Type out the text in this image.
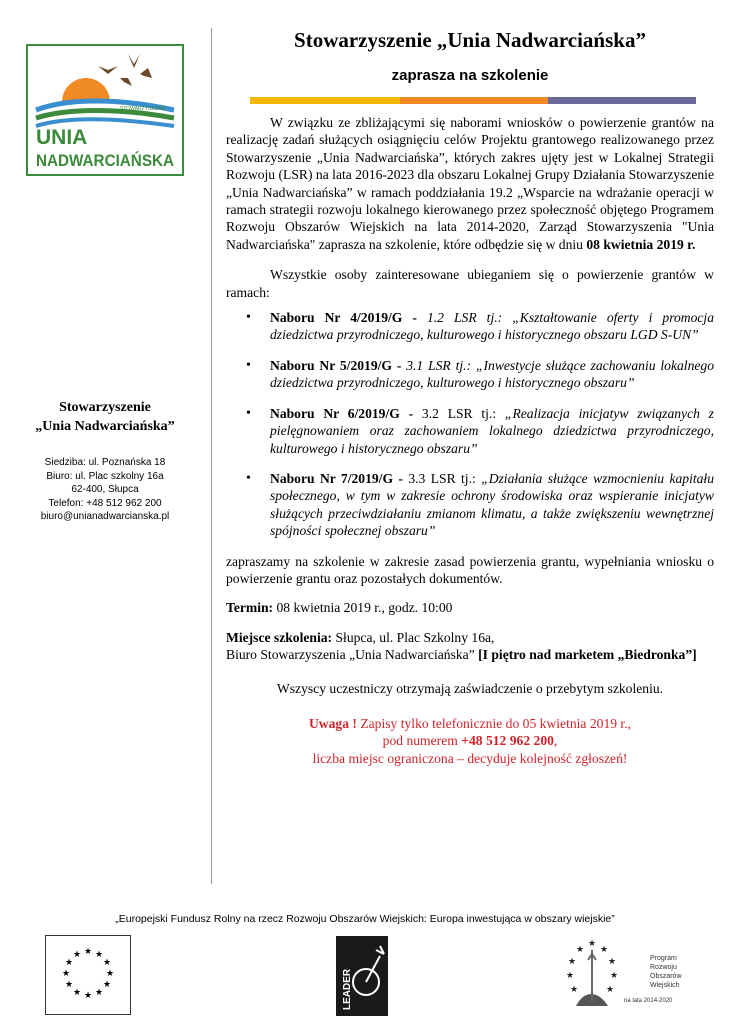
STOWARZYSZENIE
UNIA
NADWARCIAŃSKA
Stowarzyszenie „Unia Nadwarciańska”
zaprasza na szkolenie
Stowarzyszenie
„Unia Nadwarciańska”
Siedziba: ul. Poznańska 18
Biuro: ul. Plac szkolny 16a
62-400, Słupca
Telefon: +48 512 962 200
biuro@unianadwarcianska.pl

W związku ze zbliżającymi się naborami wniosków o powierzenie grantów na realizację zadań służących osiągnięciu celów Projektu grantowego realizowanego przez Stowarzyszenie „Unia Nadwarciańska”, których zakres ujęty jest w Lokalnej Strategii Rozwoju (LSR) na lata 2016-2023 dla obszaru Lokalnej Grupy Działania Stowarzyszenie „Unia Nadwarciańska” w ramach poddziałania 19.2 „Wsparcie na wdrażanie operacji w ramach strategii rozwoju lokalnego kierowanego przez społeczność objętego Programem Rozwoju Obszarów Wiejskich na lata 2014-2020, Zarząd Stowarzyszenia "Unia Nadwarciańska" zaprasza na szkolenie, które odbędzie się w dniu 08 kwietnia 2019 r.

Wszystkie osoby zainteresowane ubieganiem się o powierzenie grantów w ramach:

• Naboru Nr 4/2019/G - 1.2 LSR tj.: „Kształtowanie oferty i promocja dziedzictwa przyrodniczego, kulturowego i historycznego obszaru LGD S-UN”
• Naboru Nr 5/2019/G - 3.1 LSR tj.: „Inwestycje służące zachowaniu lokalnego dziedzictwa przyrodniczego, kulturowego i historycznego obszaru”
• Naboru Nr 6/2019/G - 3.2 LSR tj.: „Realizacja inicjatyw związanych z pielęgnowaniem oraz zachowaniem lokalnego dziedzictwa przyrodniczego, kulturowego i historycznego obszaru”
• Naboru Nr 7/2019/G - 3.3 LSR tj.: „Działania służące wzmocnieniu kapitału społecznego, w tym w zakresie ochrony środowiska oraz wspieranie inicjatyw służących przeciwdziałaniu zmianom klimatu, a także zwiększeniu wewnętrznej spójności społecznej obszaru”

zapraszamy na szkolenie w zakresie zasad powierzenia grantu, wypełniania wniosku o powierzenie grantu oraz pozostałych dokumentów.

Termin: 08 kwietnia 2019 r., godz. 10:00

Miejsce szkolenia: Słupca, ul. Plac Szkolny 16a,
Biuro Stowarzyszenia „Unia Nadwarciańska” [I piętro nad marketem „Biedronka”]

Wszyscy uczestniczy otrzymają zaświadczenie o przebytym szkoleniu.

Uwaga ! Zapisy tylko telefonicznie do 05 kwietnia 2019 r.,
pod numerem +48 512 962 200,
liczba miejsc ograniczona – decyduje kolejność zgłoszeń!
„Europejski Fundusz Rolny na rzecz Rozwoju Obszarów Wiejskich: Europa inwestująca w obszary wiejskie”
★ ★
★
★
★
★
★
★
★
★
★
★
LEADER
★
★
★
★
★
★
★
★
★
Program
Rozwoju
Obszarów
Wiejskich
na lata 2014-2020
